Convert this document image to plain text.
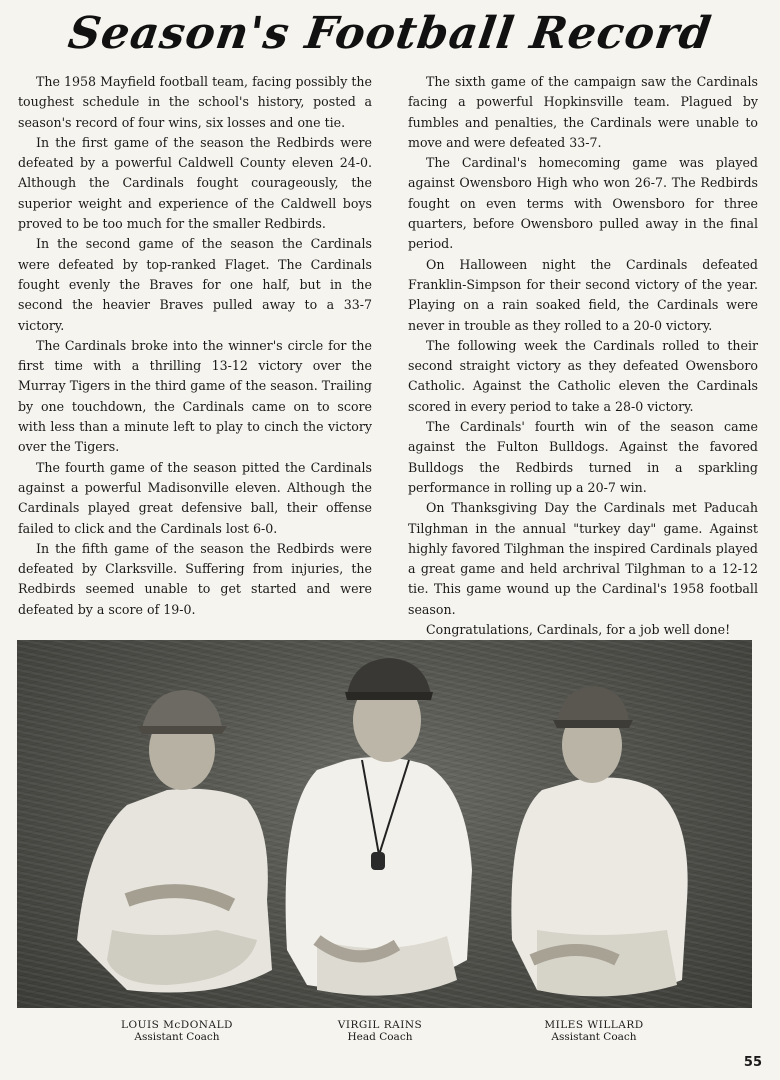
Season's Football Record

The 1958 Mayfield football team, facing possibly the toughest schedule in the school's history, posted a season's record of four wins, six losses and one tie.

In the first game of the season the Redbirds were defeated by a powerful Caldwell County eleven 24-0. Although the Cardinals fought courageously, the superior weight and experience of the Caldwell boys proved to be too much for the smaller Redbirds.

In the second game of the season the Cardinals were defeated by top-ranked Flaget. The Cardinals fought evenly the Braves for one half, but in the second the heavier Braves pulled away to a 33-7 victory.

The Cardinals broke into the winner's circle for the first time with a thrilling 13-12 victory over the Murray Tigers in the third game of the season. Trailing by one touchdown, the Cardinals came on to score with less than a minute left to play to cinch the victory over the Tigers.

The fourth game of the season pitted the Cardinals against a powerful Madisonville eleven. Although the Cardinals played great defensive ball, their offense failed to click and the Cardinals lost 6-0.

In the fifth game of the season the Redbirds were defeated by Clarksville. Suffering from injuries, the Redbirds seemed unable to get started and were defeated by a score of 19-0.

The sixth game of the campaign saw the Cardinals facing a powerful Hopkinsville team. Plagued by fumbles and penalties, the Cardinals were unable to move and were defeated 33-7.

The Cardinal's homecoming game was played against Owensboro High who won 26-7. The Redbirds fought on even terms with Owensboro for three quarters, before Owensboro pulled away in the final period.

On Halloween night the Cardinals defeated Franklin-Simpson for their second victory of the year. Playing on a rain soaked field, the Cardinals were never in trouble as they rolled to a 20-0 victory.

The following week the Cardinals rolled to their second straight victory as they defeated Owensboro Catholic. Against the Catholic eleven the Cardinals scored in every period to take a 28-0 victory.

The Cardinals' fourth win of the season came against the Fulton Bulldogs. Against the favored Bulldogs the Redbirds turned in a sparkling performance in rolling up a 20-7 win.

On Thanksgiving Day the Cardinals met Paducah Tilghman in the annual "turkey day" game. Against highly favored Tilghman the inspired Cardinals played a great game and held archrival Tilghman to a 12-12 tie. This game wound up the Cardinal's 1958 football season.

Congratulations, Cardinals, for a job well done!

LOUIS McDONALD
Assistant Coach
VIRGIL RAINS
Head Coach
MILES WILLARD
Assistant Coach
55
